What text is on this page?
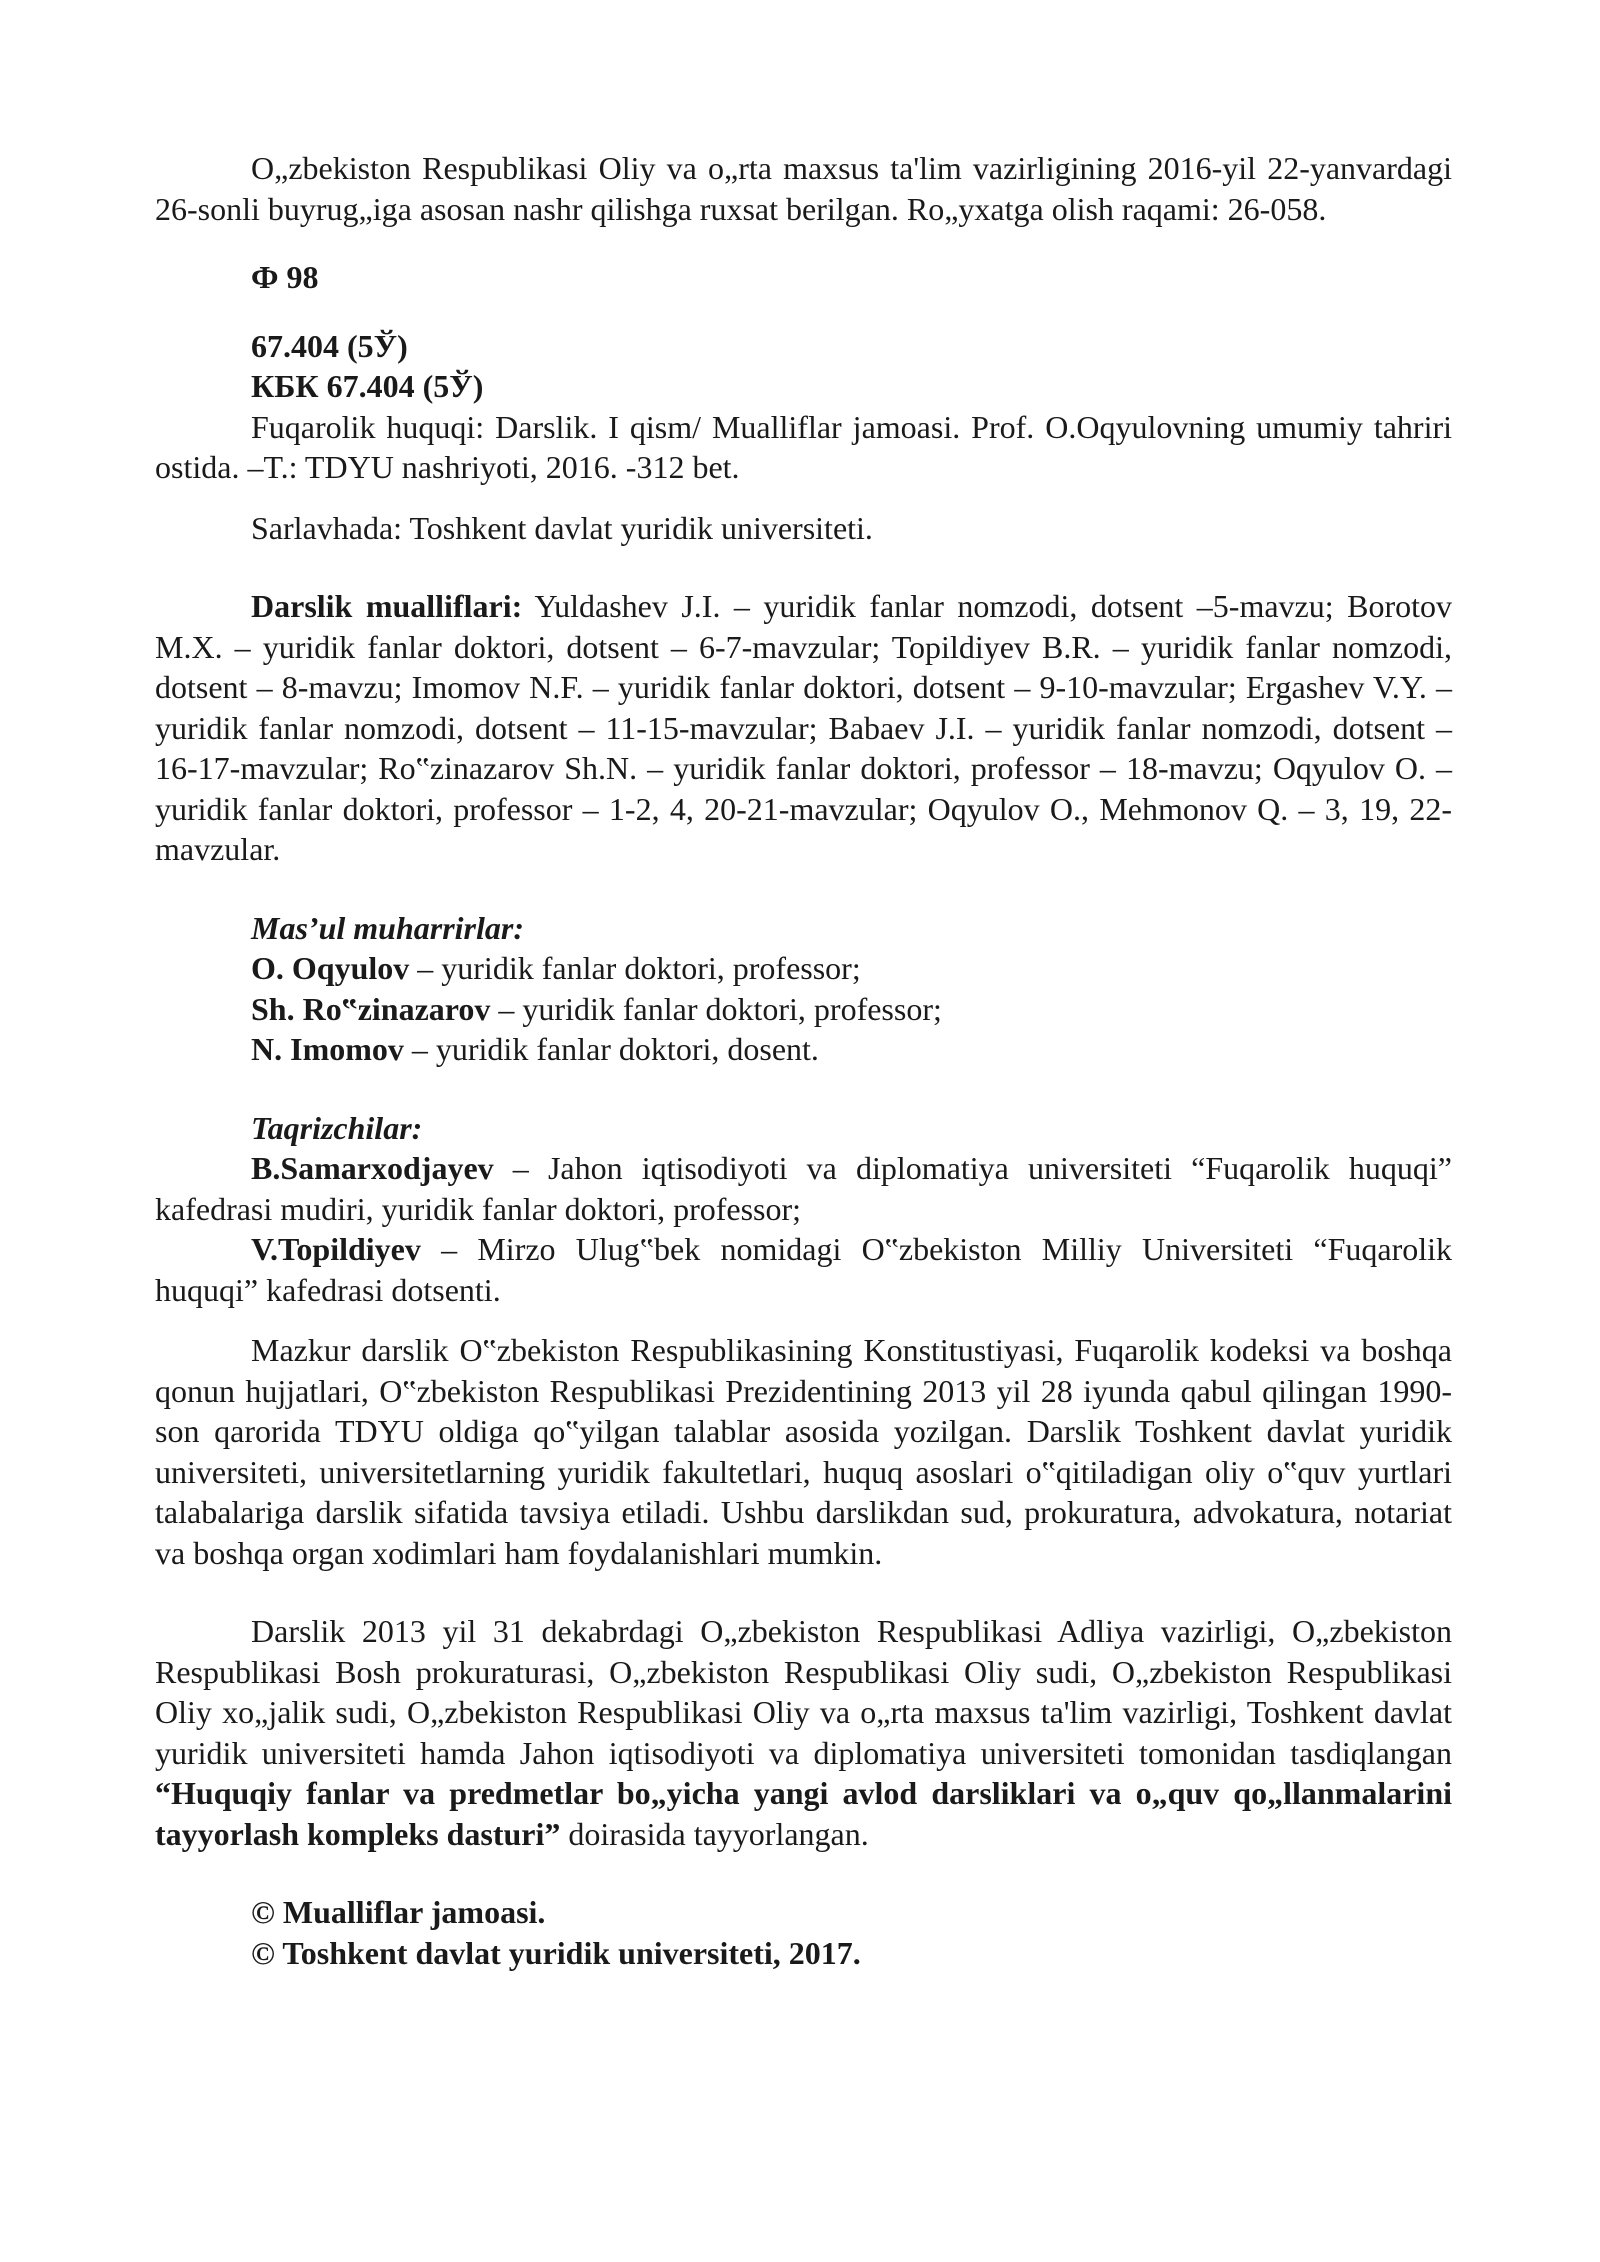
O„zbekiston Respublikasi Oliy va o„rta maxsus ta'lim vazirligining 2016-yil 22-yanvardagi 26-sonli buyrug„iga asosan nashr qilishga ruxsat berilgan. Ro„yxatga olish raqami: 26-058.

Ф 98

67.404 (5Ў)

КБК 67.404 (5Ў)

Fuqarolik huquqi: Darslik. I qism/ Mualliflar jamoasi. Prof. O.Oqyulovning umumiy tahriri ostida. –T.: TDYU nashriyoti, 2016. -312 bet.

Sarlavhada: Toshkent davlat yuridik universiteti.

Darslik mualliflari: Yuldashev J.I. – yuridik fanlar nomzodi, dotsent –5-mavzu; Borotov M.X. – yuridik fanlar doktori, dotsent – 6-7-mavzular; Topildiyev B.R. – yuridik fanlar nomzodi, dotsent – 8-mavzu; Imomov N.F. – yuridik fanlar doktori, dotsent – 9-10-mavzular; Ergashev V.Y. – yuridik fanlar nomzodi, dotsent – 11-15-mavzular; Babaev J.I. – yuridik fanlar nomzodi, dotsent – 16-17-mavzular; Ro‟zinazarov Sh.N. – yuridik fanlar doktori, professor – 18-mavzu; Oqyulov O. – yuridik fanlar doktori, professor – 1-2, 4, 20-21-mavzular; Oqyulov O., Mehmonov Q. – 3, 19, 22-mavzular.

Mas’ul muharrirlar:

O. Oqyulov – yuridik fanlar doktori, professor;

Sh. Ro‟zinazarov – yuridik fanlar doktori, professor;

N. Imomov – yuridik fanlar doktori, dosent.

Taqrizchilar:

B.Samarxodjayev – Jahon iqtisodiyoti va diplomatiya universiteti “Fuqarolik huquqi” kafedrasi mudiri, yuridik fanlar doktori, professor;

V.Topildiyev – Mirzo Ulug‟bek nomidagi O‟zbekiston Milliy Universiteti “Fuqarolik huquqi” kafedrasi dotsenti.

Mazkur darslik O‟zbekiston Respublikasining Konstitustiyasi, Fuqarolik kodeksi va boshqa qonun hujjatlari, O‟zbekiston Respublikasi Prezidentining 2013 yil 28 iyunda qabul qilingan 1990-son qarorida TDYU oldiga qo‟yilgan talablar asosida yozilgan. Darslik Toshkent davlat yuridik universiteti, universitetlarning yuridik fakultetlari, huquq asoslari o‟qitiladigan oliy o‟quv yurtlari talabalariga darslik sifatida tavsiya etiladi. Ushbu darslikdan sud, prokuratura, advokatura, notariat va boshqa organ xodimlari ham foydalanishlari mumkin.

Darslik 2013 yil 31 dekabrdagi O„zbekiston Respublikasi Adliya vazirligi, O„zbekiston Respublikasi Bosh prokuraturasi, O„zbekiston Respublikasi Oliy sudi, O„zbekiston Respublikasi Oliy xo„jalik sudi, O„zbekiston Respublikasi Oliy va o„rta maxsus ta'lim vazirligi, Toshkent davlat yuridik universiteti hamda Jahon iqtisodiyoti va diplomatiya universiteti tomonidan tasdiqlangan “Huquqiy fanlar va predmetlar bo„yicha yangi avlod darsliklari va o„quv qo„llanmalarini tayyorlash kompleks dasturi” doirasida tayyorlangan.

© Mualliflar jamoasi.

© Toshkent davlat yuridik universiteti, 2017.
